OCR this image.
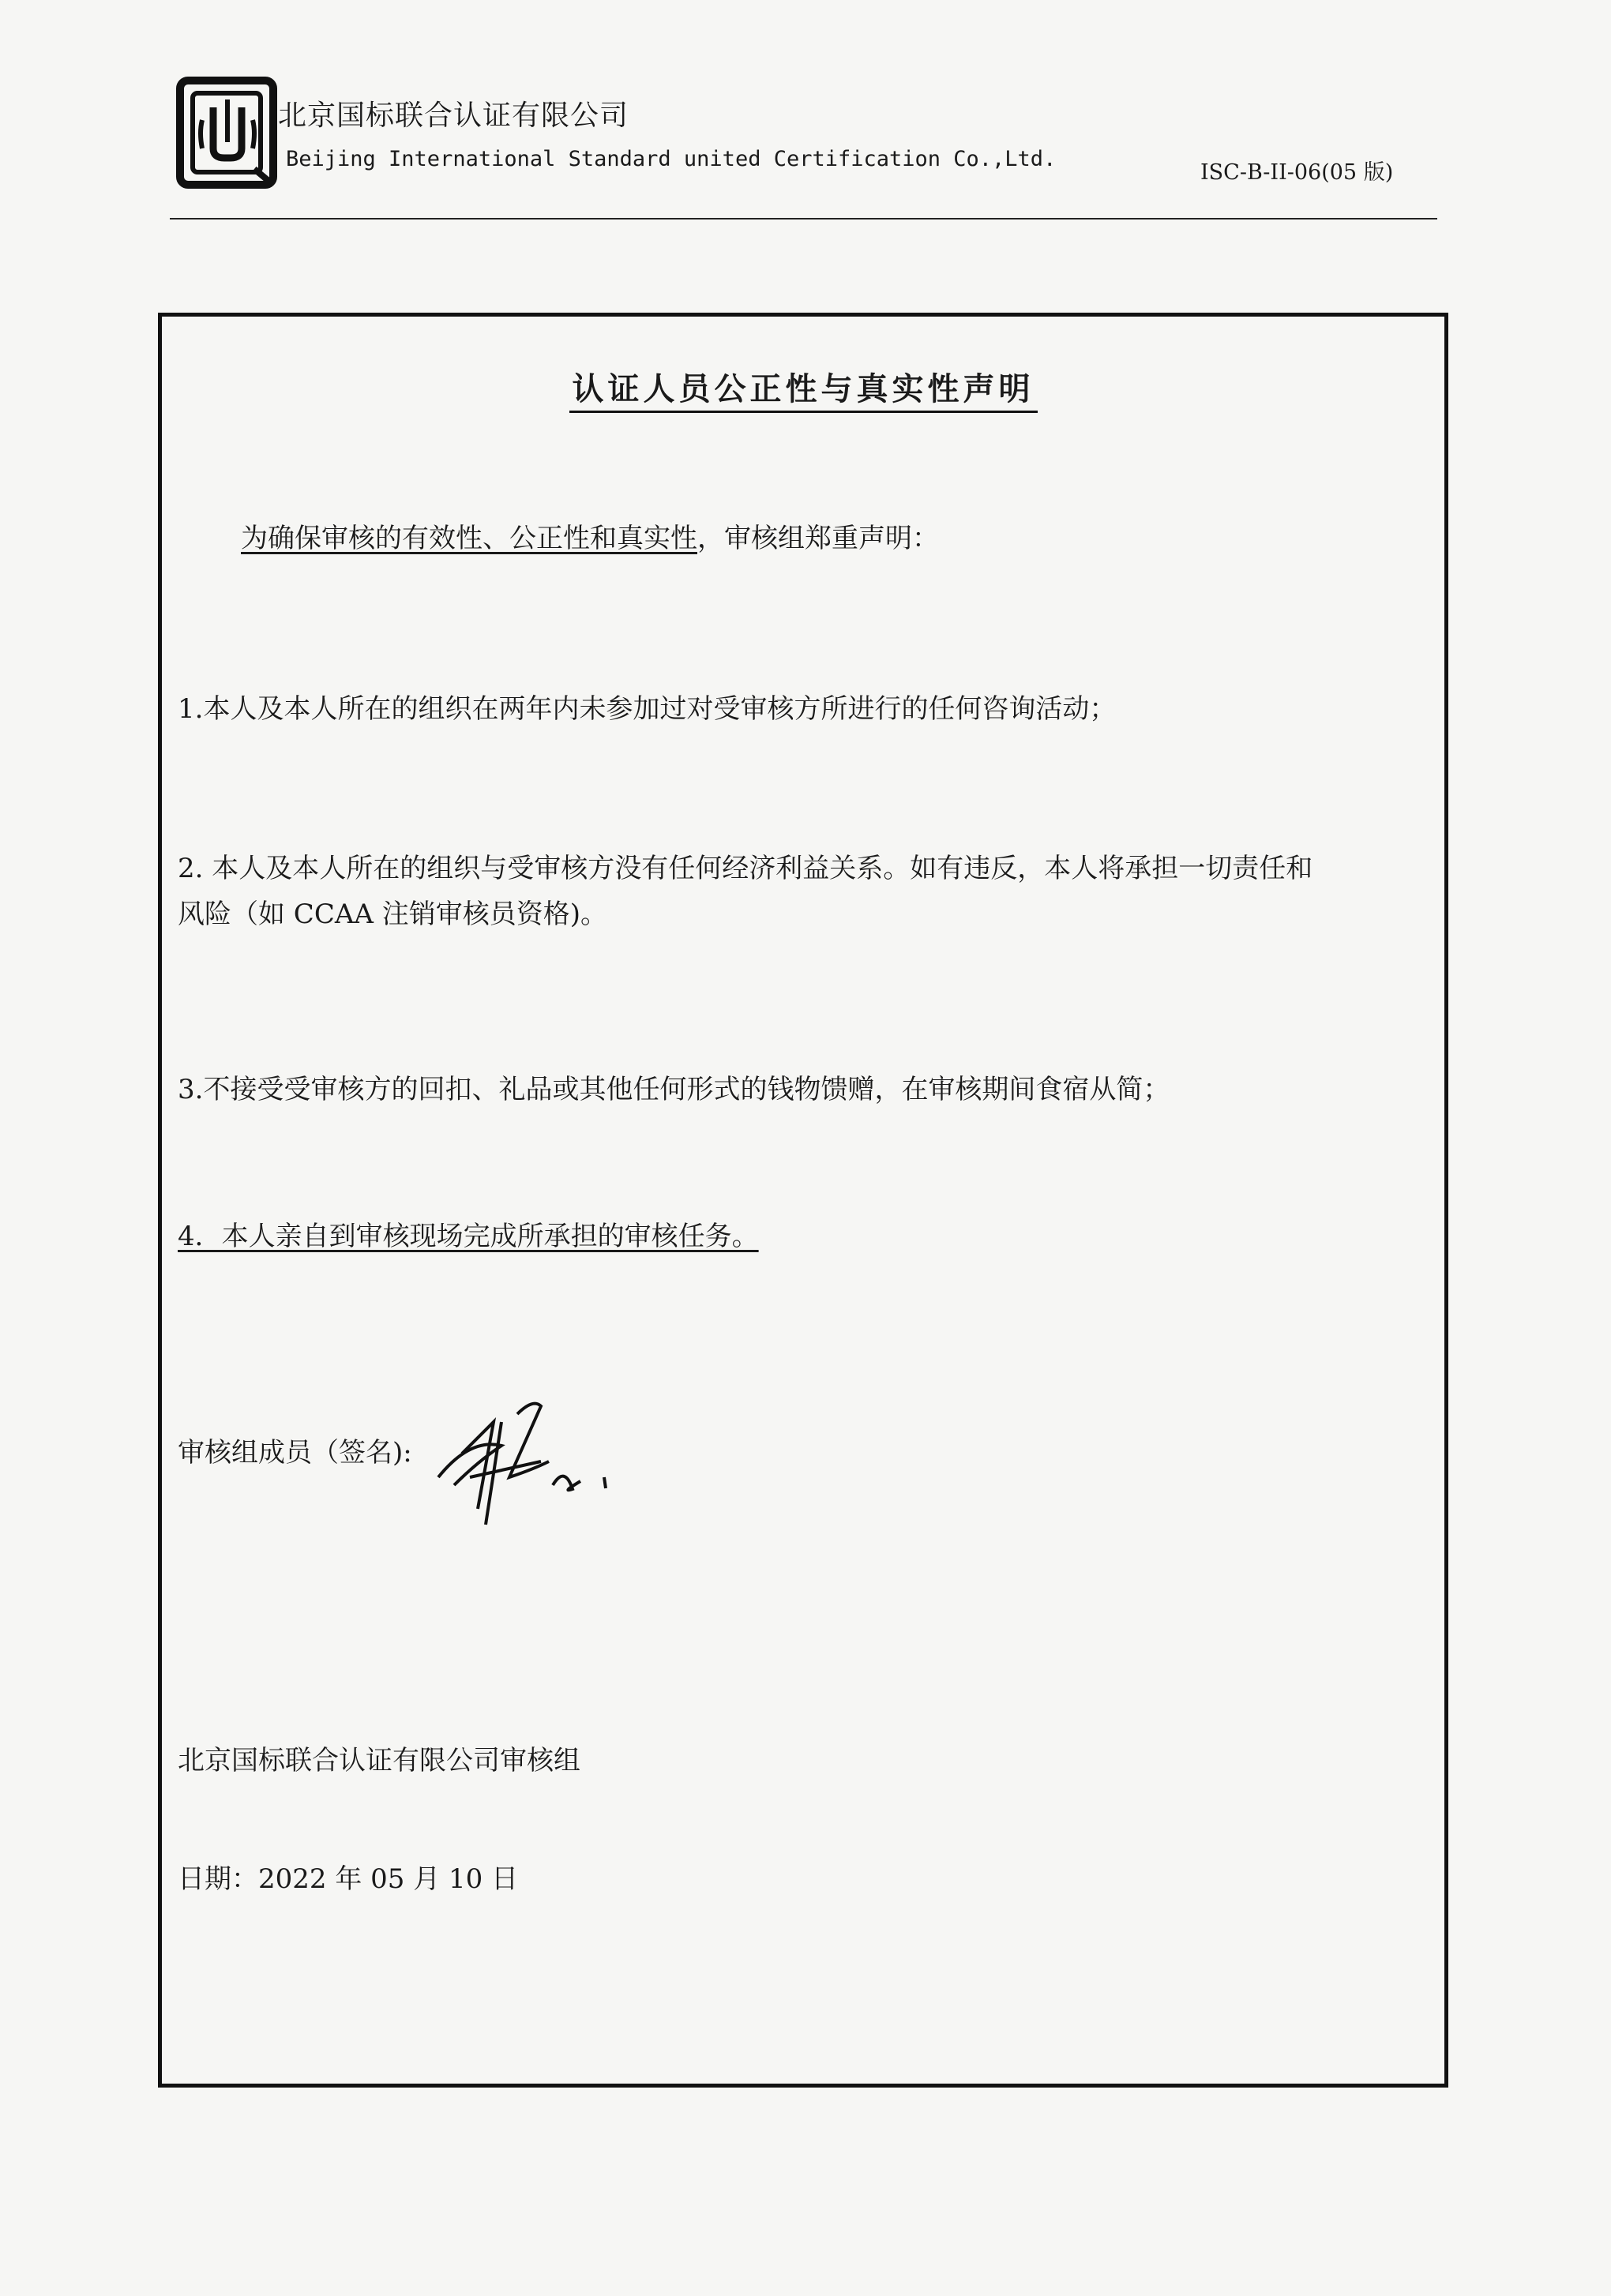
北京国标联合认证有限公司
Beijing International Standard united Certification Co.,Ltd.
ISC-B-II-06(05 版)
认证人员公正性与真实性声明
为确保审核的有效性、公正性和真实性，审核组郑重声明：
1.本人及本人所在的组织在两年内未参加过对受审核方所进行的任何咨询活动；
2. 本人及本人所在的组织与受审核方没有任何经济利益关系。如有违反，本人将承担一切责任和
风险（如 CCAA 注销审核员资格)。
3.不接受受审核方的回扣、礼品或其他任何形式的钱物馈赠，在审核期间食宿从简；
4．本人亲自到审核现场完成所承担的审核任务。
审核组成员（签名):
北京国标联合认证有限公司审核组
日期：2022 年 05 月 10 日
